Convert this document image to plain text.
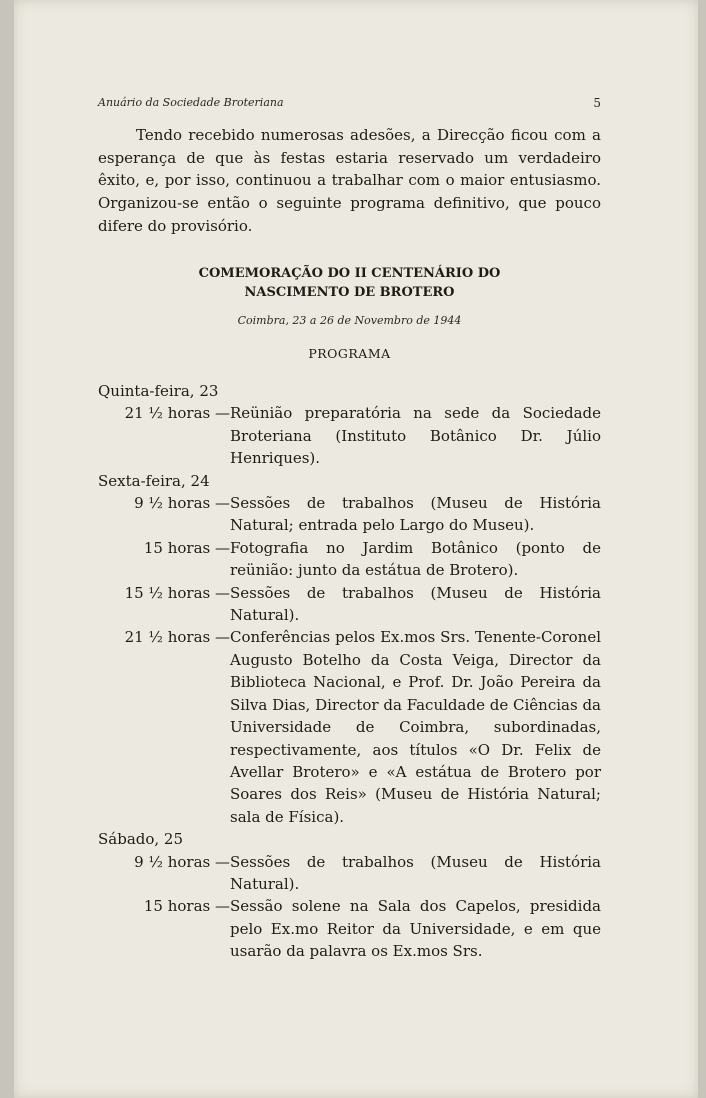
Anuário da Sociedade Broteriana	5

Tendo recebido numerosas adesões, a Direcção ficou com a esperança de que às festas estaria reservado um verdadeiro êxito, e, por isso, continuou a trabalhar com o maior entusiasmo. Organizou-se então o seguinte programa definitivo, que pouco difere do provisório.

COMEMORAÇÃO DO II CENTENÁRIO DO
NASCIMENTO DE BROTERO
Coimbra, 23 a 26 de Novembro de 1944
PROGRAMA
Quinta-feira, 23
21 ½ horas — Reünião preparatória na sede da Sociedade Broteriana (Instituto Botânico Dr. Júlio Henriques).
Sexta-feira, 24
9 ½ horas — Sessões de trabalhos (Museu de História Natural; entrada pelo Largo do Museu).
15 horas — Fotografia no Jardim Botânico (ponto de reünião: junto da estátua de Brotero).
15 ½ horas — Sessões de trabalhos (Museu de História Natural).
21 ½ horas — Conferências pelos Ex.mos Srs. Tenente-Coronel Augusto Botelho da Costa Veiga, Director da Biblioteca Nacional, e Prof. Dr. João Pereira da Silva Dias, Director da Faculdade de Ciências da Universidade de Coimbra, subordinadas, respectivamente, aos títulos «O Dr. Felix de Avellar Brotero» e «A estátua de Brotero por Soares dos Reis» (Museu de História Natural; sala de Física).
Sábado, 25
9 ½ horas — Sessões de trabalhos (Museu de História Natural).
15 horas — Sessão solene na Sala dos Capelos, presidida pelo Ex.mo Reitor da Universidade, e em que usarão da palavra os Ex.mos Srs.
